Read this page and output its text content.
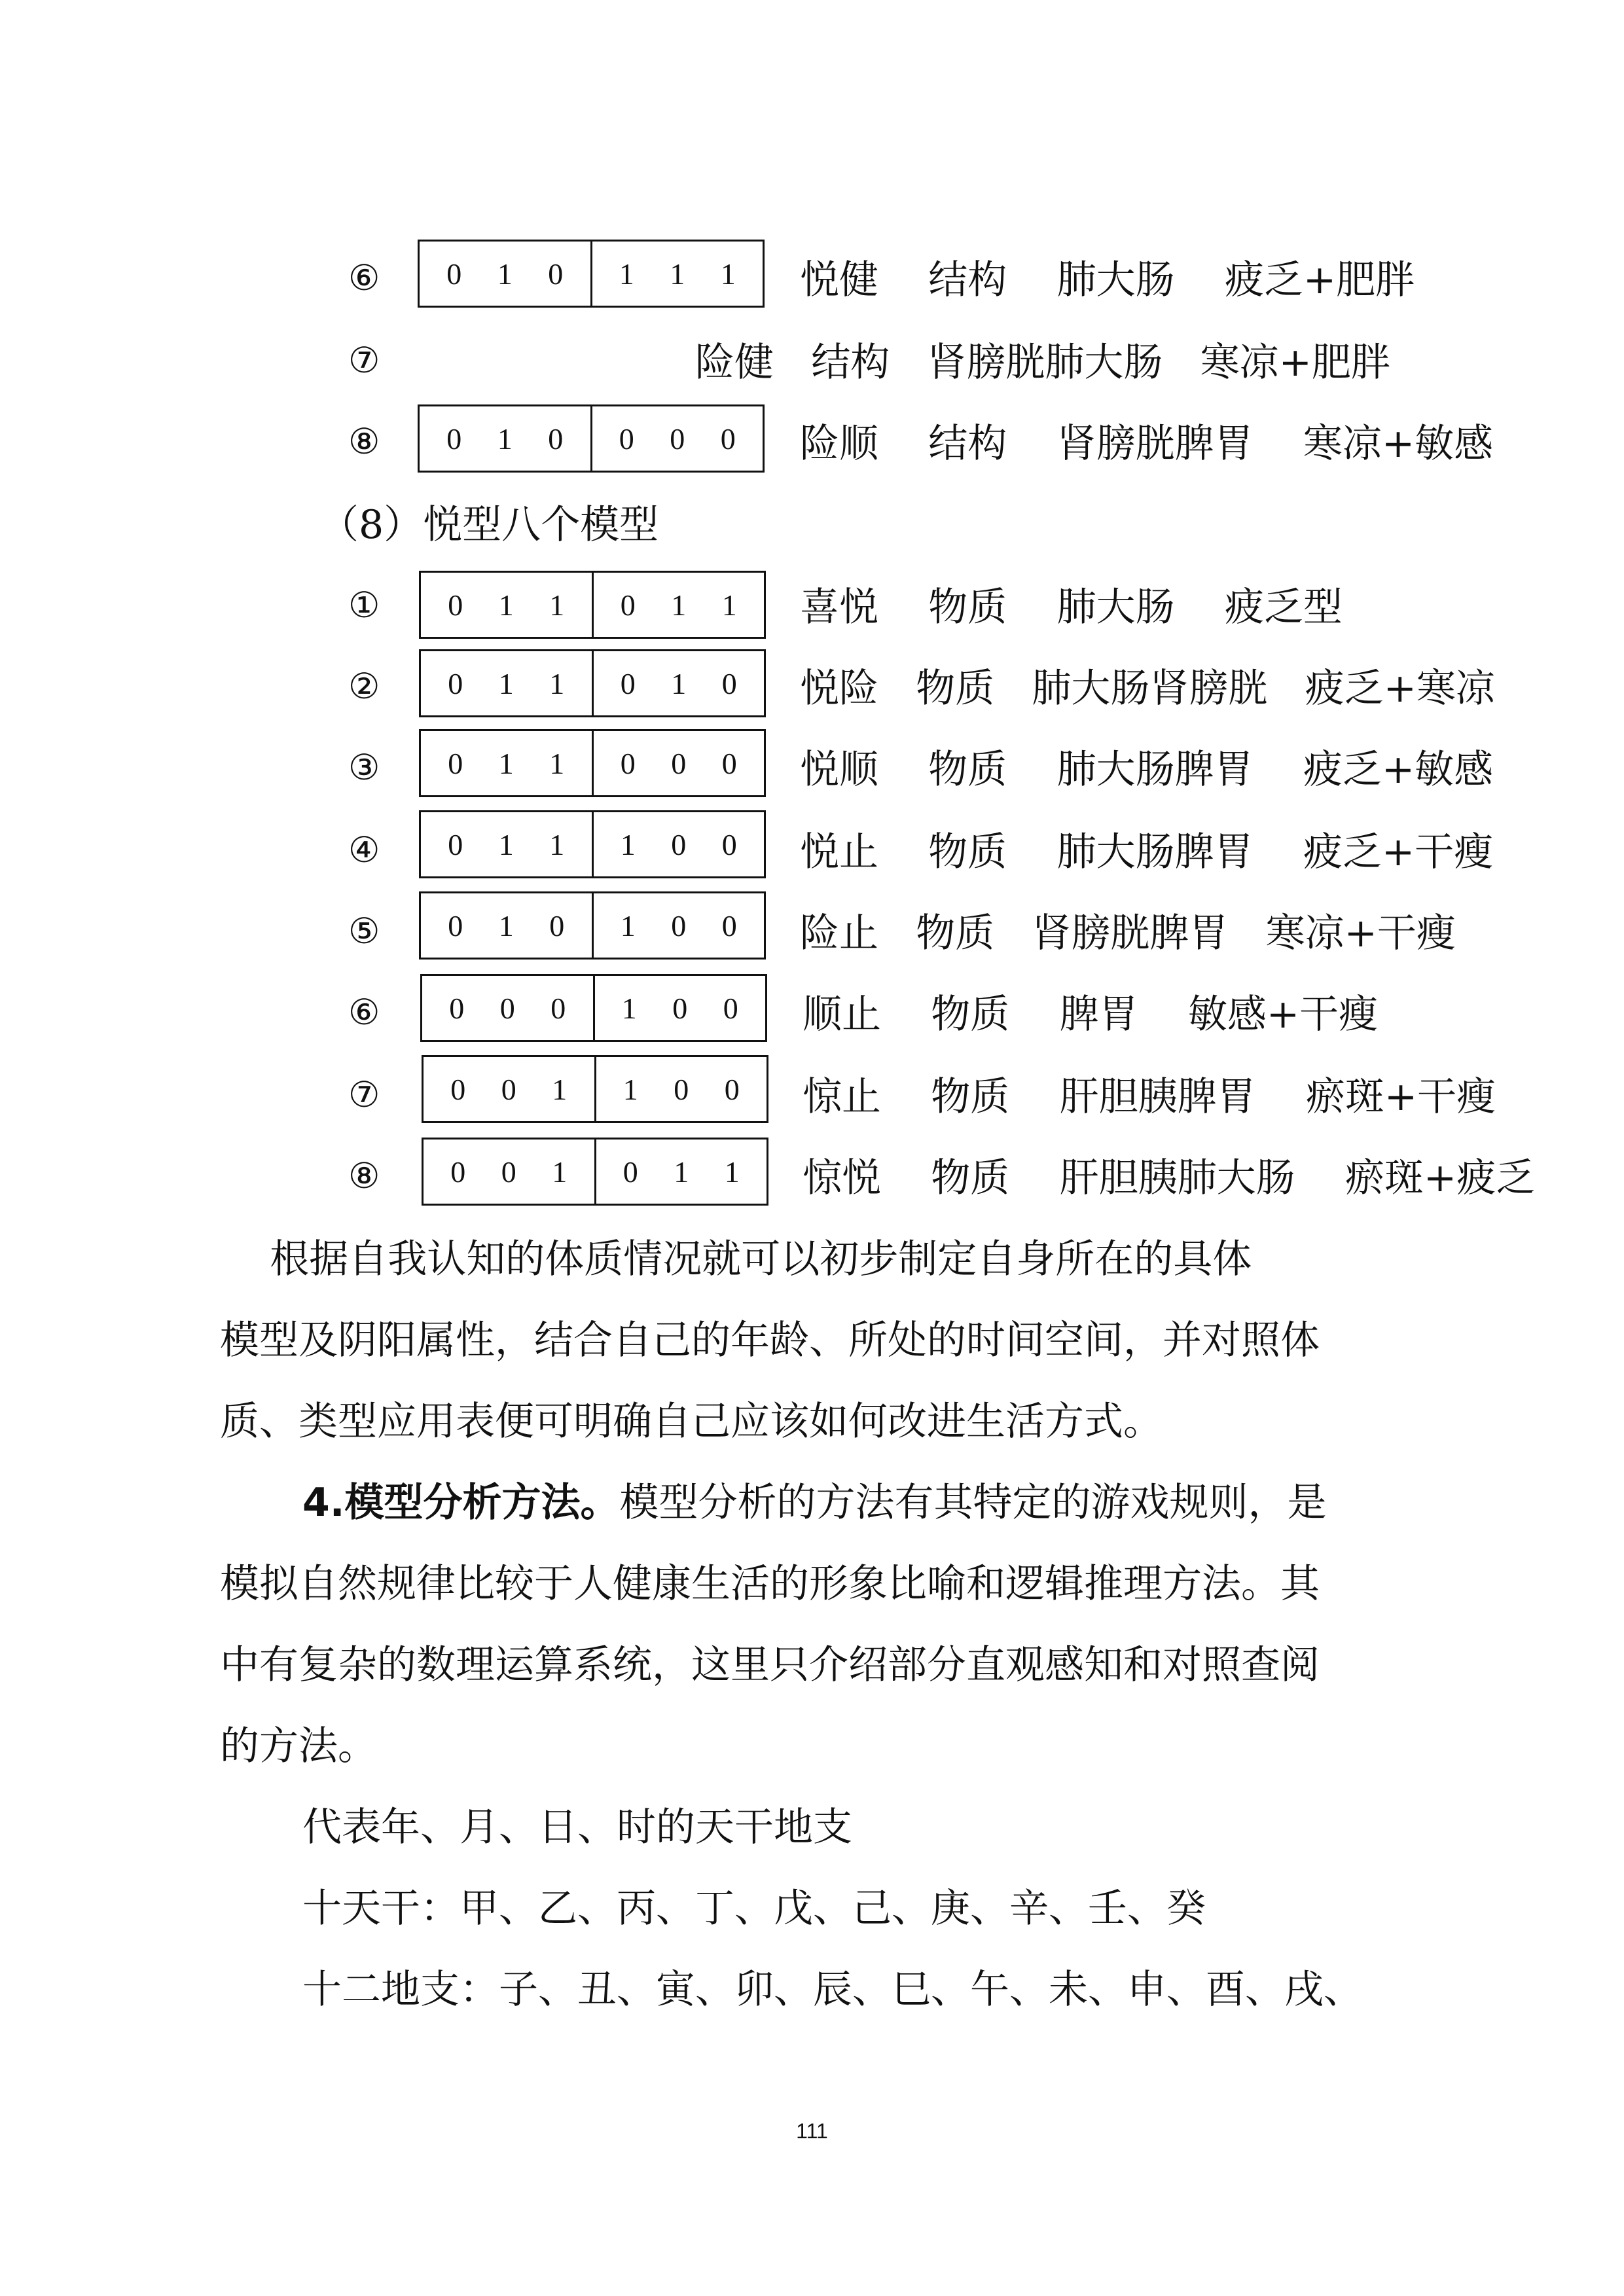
⑥ 0 1 0 1 1 1 悦健    结构    肺大肠    疲乏+肥胖
⑦	险健   结构   肾膀胱肺大肠   寒凉+肥胖
⑧ 0 1 0 0 0 0 险顺    结构    肾膀胱脾胃    寒凉+敏感
（8）悦型八个模型
① 0 1 1 0 1 1 喜悦    物质    肺大肠    疲乏型
② 0 1 1 0 1 0 悦险   物质   肺大肠肾膀胱   疲乏+寒凉
③ 0 1 1 0 0 0 悦顺    物质    肺大肠脾胃    疲乏+敏感
④ 0 1 1 1 0 0 悦止    物质    肺大肠脾胃    疲乏+干瘦
⑤ 0 1 0 1 0 0 险止   物质   肾膀胱脾胃   寒凉+干瘦
⑥ 0 0 0 1 0 0 顺止    物质    脾胃    敏感+干瘦
⑦ 0 0 1 1 0 0 惊止    物质    肝胆胰脾胃    瘀斑+干瘦
⑧ 0 0 1 0 1 1 惊悦    物质    肝胆胰肺大肠    瘀斑+疲乏
根据自我认知的体质情况就可以初步制定自身所在的具体
模型及阴阳属性，结合自己的年龄、所处的时间空间，并对照体
质、类型应用表便可明确自己应该如何改进生活方式。
4.模型分析方法。模型分析的方法有其特定的游戏规则，是
模拟自然规律比较于人健康生活的形象比喻和逻辑推理方法。其
中有复杂的数理运算系统，这里只介绍部分直观感知和对照查阅
的方法。
代表年、月、日、时的天干地支
十天干：甲、乙、丙、丁、戊、己、庚、辛、壬、癸
十二地支：子、丑、寅、卯、辰、巳、午、未、申、酉、戌、
111
